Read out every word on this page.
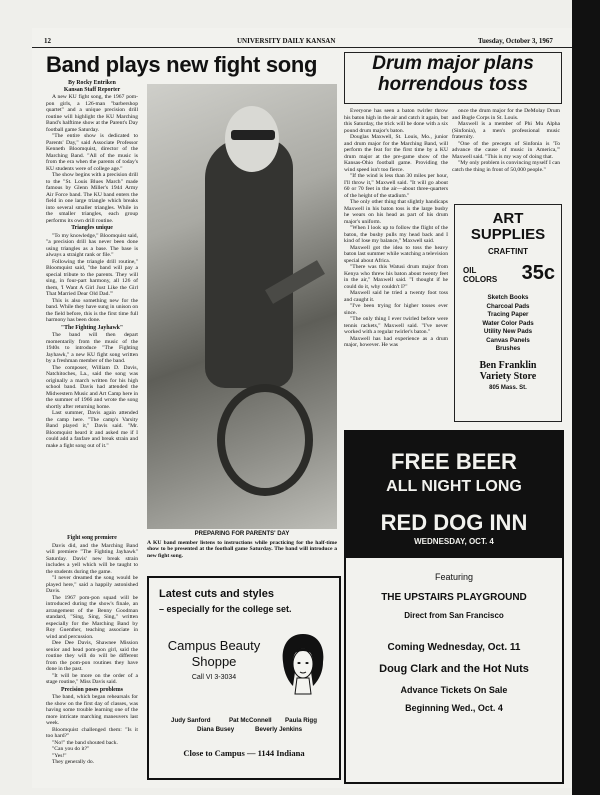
12	UNIVERSITY DAILY KANSAN	Tuesday, October 3, 1967
Band plays new fight song
By Rocky Entriken
Kansan Staff Reporter

A new KU fight song, the 1967 pom-pon girls, a 126-man "barbershop quartet" and a unique precision drill routine will highlight the KU Marching Band's halftime show at the Parent's Day football game Saturday.

"The entire show is dedicated to Parents' Day," said Associate Professor Kenneth Bloomquist, director of the Marching Band. "All of the music is from the era when the parents of today's KU students were of college age."

The show begins with a precision drill to the "St. Louis Blues March" made famous by Glenn Miller's 1944 Army Air Force band. The KU band enters the field in one large triangle which breaks into several smaller triangles. While in the smaller triangles, each group performs its own drill routine.

Triangles unique

"To my knowledge," Bloomquist said, "a precision drill has never been done using triangles as a base. The base is always a straight rank or file."

Following the triangle drill routine," Bloomquist said, "the band will pay a special tribute to the parents. They will sing, in four-part harmony, all 126 of them, 'I Want A Girl Just Like the Girl That Married Dear Old Dad.'"

This is also something new for the band. While they have sung in unison on the field before, this is the first time full harmony has been done.

"The Fighting Jayhawk"

The band will then depart momentarily from the music of the 1940s to introduce "The Fighting Jayhawk," a new KU fight song written by a freshman member of the band.

The composer, William D. Davis, Natchitoches, La., said the song was originally a march written for his high school band. Davis had attended the Midwestern Music and Art Camp here in the summer of 1966 and wrote the song shortly after returning home.

Last summer, Davis again attended the camp here. "The camp's Varsity Band played it," Davis said. "Mr. Bloomquist heard it and asked me if I could add a fanfare and break strain and make a fight song out of it."

Fight song premiere

Davis did, and the Marching Band will premiere "The Fighting Jayhawk" Saturday. Davis' new break strain includes a yell which will be taught to the students during the game.

"I never dreamed the song would be played here," said a happily astonished Davis.

The 1967 pom-pon squad will be introduced during the show's finale, an arrangement of the Benny Goodman standard, "Sing, Sing, Sing," written especially for the Marching Band by Roy Guenther, teaching associate in wind and percussion.

Dee Dee Davis, Shawnee Mission senior and head pom-pon girl, said the routine they will do will be different from the pom-pon routines they have done in the past.

"It will be more on the order of a stage routine," Miss Davis said.

Precision poses problems

The band, which began rehearsals for the show on the first day of classes, was having some trouble learning one of the more intricate marching maneuvers last week.

Bloomquist challenged them: "Is it too hard?"

"No!" the band shouted back.

"Can you do it?"

"Yes!"

They generally do.

PREPARING FOR PARENTS' DAY
A KU band member listens to instructions while practicing for the half-time show to be presented at the football game Saturday. The band will introduce a new fight song.
Drum major plans
horrendous toss

Everyone has seen a baton twirler throw his baton high in the air and catch it again, but this Saturday, the trick will be done with a six pound drum major's baton.

Douglas Maxwell, St. Louis, Mo., junior and drum major for the Marching Band, will perform the feat for the first time by a KU drum major at the pre-game show of the Kansas-Ohio football game. Providing the wind speed isn't too fierce.

"If the wind is less than 30 miles per hour, I'll throw it," Maxwell said. "It will go about 60 or 70 feet in the air—about three-quarters of the height of the stadium."

The only other thing that slightly handicaps Maxwell in his baton toss is the large busby he wears on his head as part of his drum major's uniform.

"When I look up to follow the flight of the baton, the busby pulls my head back and I kind of lose my balance," Maxwell said.

Maxwell got the idea to toss the heavy baton last summer while watching a television special about Africa.

"There was this Watusi drum major from Kenya who threw his baton about twenty feet in the air," Maxwell said. "I thought if he could do it, why couldn't I?"

Maxwell said he tried a twenty foot toss and caught it.

"I've been trying for higher tosses ever since.

"The only thing I ever twirled before were tennis rackets," Maxwell said. "I've never worked with a regular twirler's baton."

Maxwell has had experience as a drum major, however. He was

once the drum major for the DeMolay Drum and Bugle Corps in St. Louis.

Maxwell is a member of Phi Mu Alpha (Sinfonia), a men's professional music fraternity.

"One of the precepts of Sinfonia is 'To advance the cause of music in America,'" Maxwell said. "This is my way of doing that.

"My only problem is convincing myself I can catch the thing in front of 50,000 people."

ART
SUPPLIES
CRAFTINT
OIL
COLORS 35c
Sketch Books
Charcoal Pads
Tracing Paper
Water Color Pads
Utility New Pads
Canvas Panels
Brushes
Ben Franklin
Variety Store
805 Mass. St.
FREE BEER
ALL NIGHT LONG
RED DOG INN
WEDNESDAY, OCT. 4
Featuring
THE UPSTAIRS PLAYGROUND
Direct from San Francisco
Coming Wednesday, Oct. 11
Doug Clark and the Hot Nuts
Advance Tickets On Sale
Beginning Wed., Oct. 4
Latest cuts and styles
– especially for the college set.
Campus Beauty
Shoppe
Call VI 3-3034
Judy Sanford	Pat McConnell Paula Rigg
Diana Busey	Beverly Jenkins
Close to Campus — 1144 Indiana
